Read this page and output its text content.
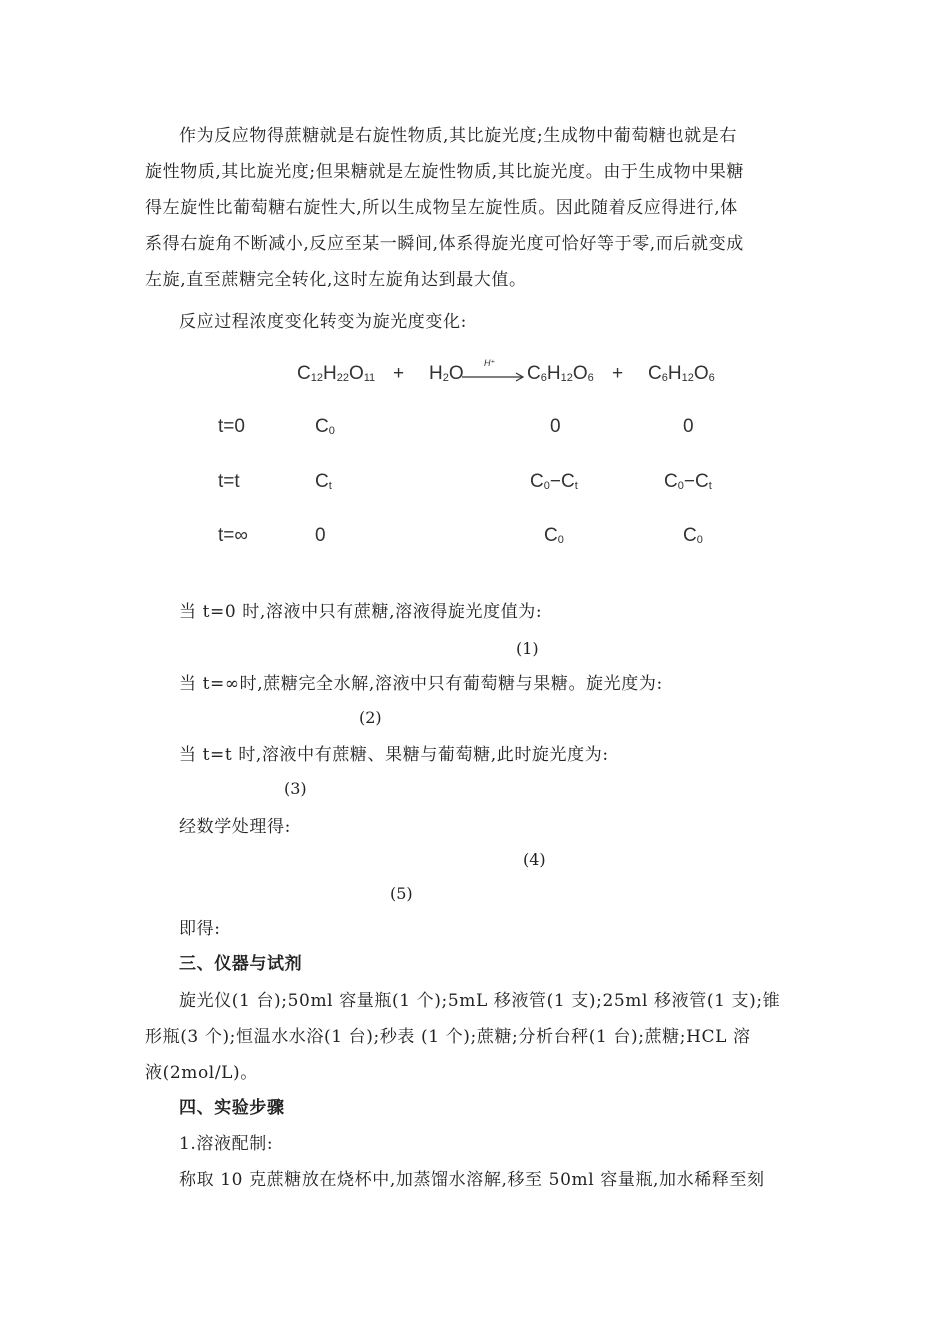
作为反应物得蔗糖就是右旋性物质,其比旋光度;生成物中葡萄糖也就是右
旋性物质,其比旋光度;但果糖就是左旋性物质,其比旋光度。由于生成物中果糖
得左旋性比葡萄糖右旋性大,所以生成物呈左旋性质。因此随着反应得进行,体
系得右旋角不断减小,反应至某一瞬间,体系得旋光度可恰好等于零,而后就变成
左旋,直至蔗糖完全转化,这时左旋角达到最大值。
反应过程浓度变化转变为旋光度变化:
$C_{12}H_{22}O_{11} + H_2O$ $H^+ \to C_6H_{12}O_6 + C_6H_{12}O_6$
t=0	$C_0$	0	0
t=t	$C_t$	$C_0-C_t$	$C_0-C_t$
t=∞	0	$C_0$	$C_0$
当 t=0 时,溶液中只有蔗糖,溶液得旋光度值为:
(1)
当 t=∞时,蔗糖完全水解,溶液中只有葡萄糖与果糖。旋光度为:
(2)
当 t=t 时,溶液中有蔗糖、果糖与葡萄糖,此时旋光度为:
(3)
经数学处理得:
(4)
(5)
即得:
三、仪器与试剂
旋光仪(1 台);50ml 容量瓶(1 个);5mL 移液管(1 支);25ml 移液管(1 支);锥
形瓶(3 个);恒温水水浴(1 台);秒表 (1 个);蔗糖;分析台秤(1 台);蔗糖;HCL 溶
液(2mol/L)。
四、实验步骤
1.溶液配制:
称取 10 克蔗糖放在烧杯中,加蒸馏水溶解,移至 50ml 容量瓶,加水稀释至刻
